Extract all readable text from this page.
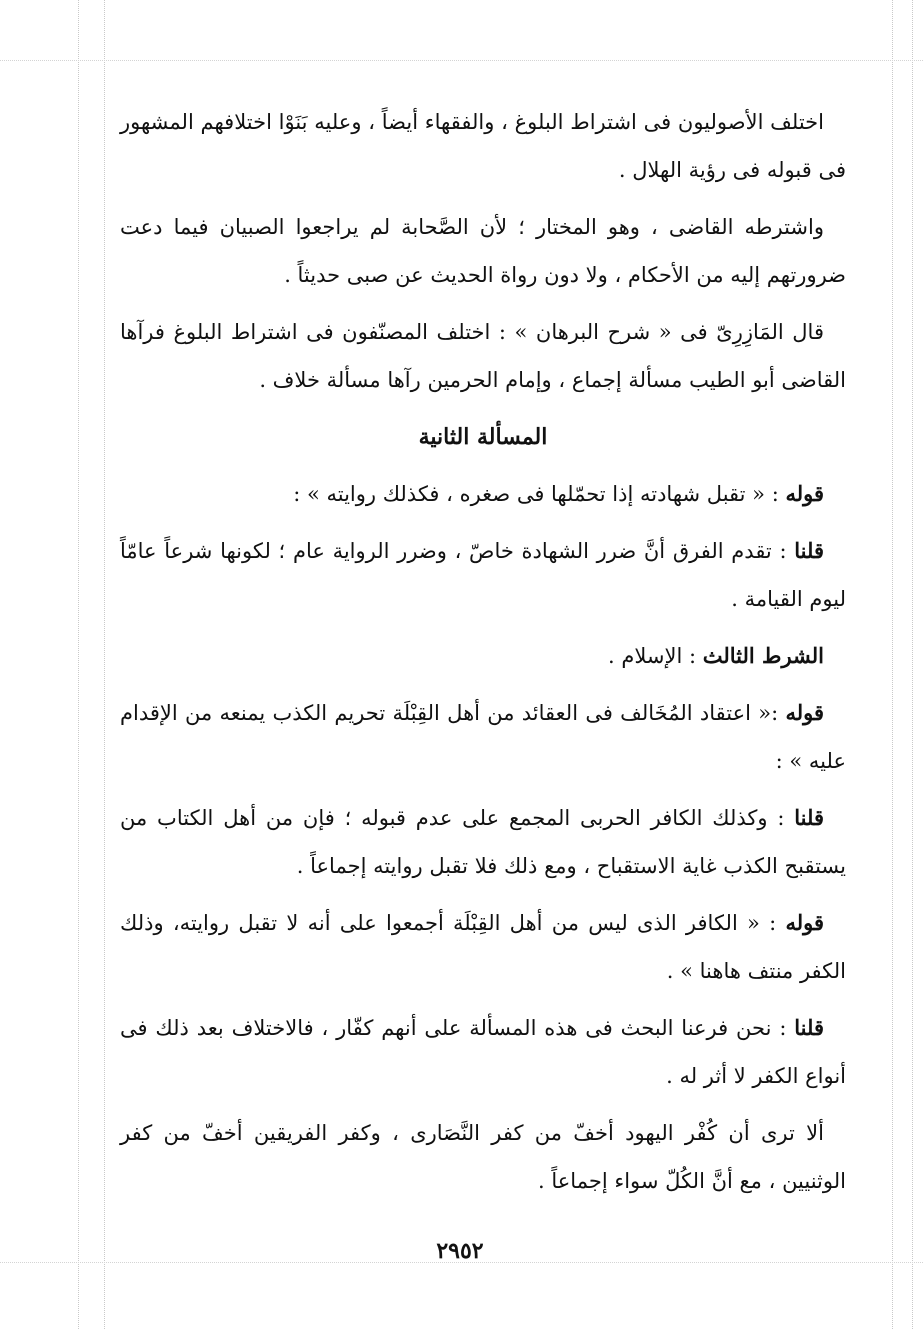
اختلف الأصوليون فى اشتراط البلوغ ، والفقهاء أيضاً ، وعليه بَنَوْا اختلافهم المشهور فى قبوله فى رؤية الهلال .

واشترطه القاضى ، وهو المختار ؛ لأن الصَّحابة لم يراجعوا الصبيان فيما دعت ضرورتهم إليه من الأحكام ، ولا دون رواة الحديث عن صبى حديثاً .

قال المَازِرِىّ فى « شرح البرهان » : اختلف المصنّفون فى اشتراط البلوغ فرآها القاضى أبو الطيب مسألة إجماع ، وإمام الحرمين رآها مسألة خلاف .

المسألة الثانية

قوله : « تقبل شهادته إذا تحمّلها فى صغره ، فكذلك روايته » :

قلنا : تقدم الفرق أنَّ ضرر الشهادة خاصّ ، وضرر الرواية عام ؛ لكونها شرعاً عامّاً ليوم القيامة .

الشرط الثالث : الإسلام .

قوله :« اعتقاد المُخَالف فى العقائد من أهل القِبْلَة تحريم الكذب يمنعه من الإقدام عليه » :

قلنا : وكذلك الكافر الحربى المجمع على عدم قبوله ؛ فإن من أهل الكتاب من يستقبح الكذب غاية الاستقباح ، ومع ذلك فلا تقبل روايته إجماعاً .

قوله : « الكافر الذى ليس من أهل القِبْلَة أجمعوا على أنه لا تقبل روايته، وذلك الكفر منتف هاهنا » .

قلنا : نحن فرعنا البحث فى هذه المسألة على أنهم كفّار ، فالاختلاف بعد ذلك فى أنواع الكفر لا أثر له .

ألا ترى أن كُفْر اليهود أخفّ من كفر النَّصَارى ، وكفر الفريقين أخفّ من كفر الوثنيين ، مع أنَّ الكُلّ سواء إجماعاً .

٢٩٥٢
